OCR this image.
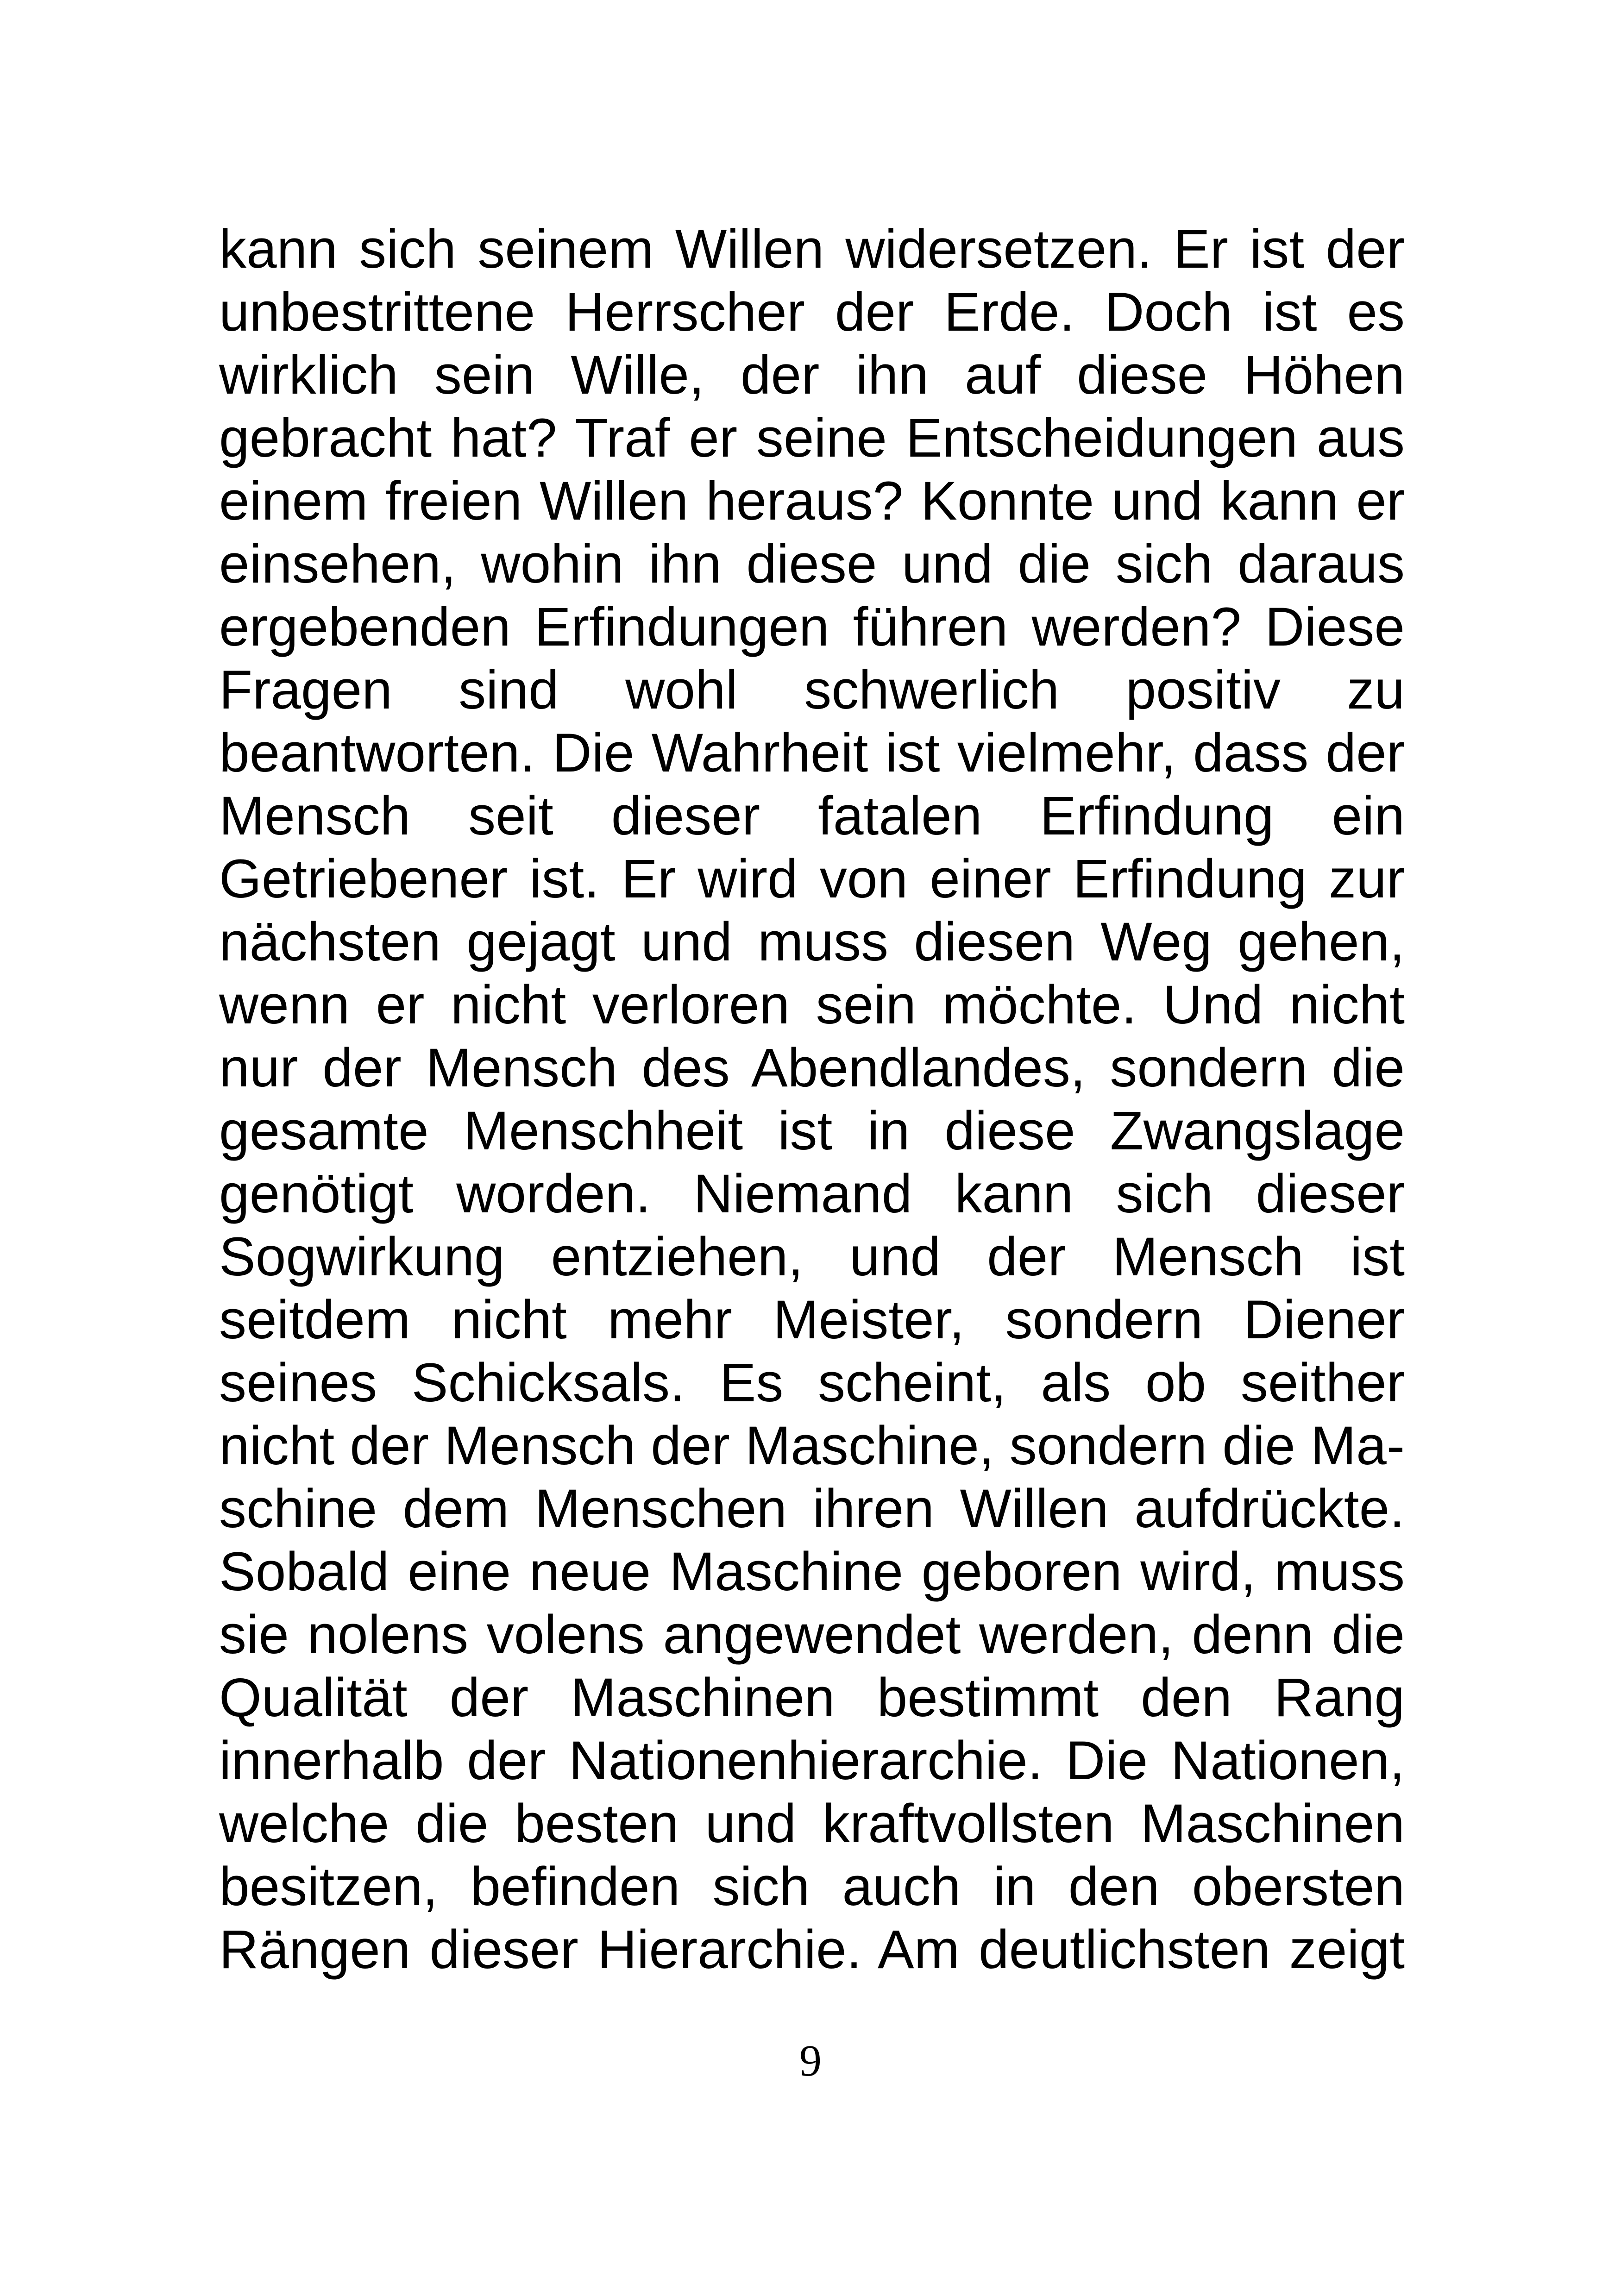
kann sich seinem Willen widersetzen. Er ist der
unbestrittene Herrscher der Erde. Doch ist es
wirklich sein Wille, der ihn auf diese Höhen
gebracht hat? Traf er seine Entscheidungen aus
einem freien Willen heraus? Konnte und kann er
einsehen, wohin ihn diese und die sich daraus
ergebenden Erfindungen führen werden? Diese
Fragen sind wohl schwerlich positiv zu
beantworten. Die Wahrheit ist vielmehr, dass der
Mensch seit dieser fatalen Erfindung ein
Getriebener ist. Er wird von einer Erfindung zur
nächsten gejagt und muss diesen Weg gehen,
wenn er nicht verloren sein möchte. Und nicht
nur der Mensch des Abendlandes, sondern die
gesamte Menschheit ist in diese Zwangslage
genötigt worden. Niemand kann sich dieser
Sogwirkung entziehen, und der Mensch ist
seitdem nicht mehr Meister, sondern Diener
seines Schicksals. Es scheint, als ob seither
nicht der Mensch der Maschine, sondern die Ma-
schine dem Menschen ihren Willen aufdrückte.
Sobald eine neue Maschine geboren wird, muss
sie nolens volens angewendet werden, denn die
Qualität der Maschinen bestimmt den Rang
innerhalb der Nationenhierarchie. Die Nationen,
welche die besten und kraftvollsten Maschinen
besitzen, befinden sich auch in den obersten
Rängen dieser Hierarchie. Am deutlichsten zeigt
9
